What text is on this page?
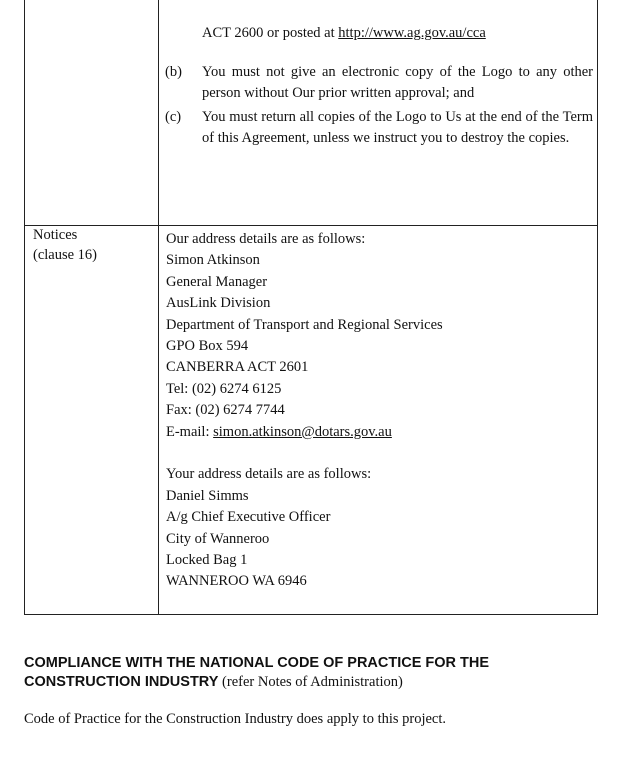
ACT 2600 or posted at http://www.ag.gov.au/cca
(b) You must not give an electronic copy of the Logo to any other person without Our prior written approval; and
(c) You must return all copies of the Logo to Us at the end of the Term of this Agreement, unless we instruct you to destroy the copies.
Notices
(clause 16)
Our address details are as follows:
Simon Atkinson
General Manager
AusLink Division
Department of Transport and Regional Services
GPO Box 594
CANBERRA ACT 2601
Tel: (02) 6274 6125
Fax: (02) 6274 7744
E-mail: simon.atkinson@dotars.gov.au
Your address details are as follows:
Daniel Simms
A/g Chief Executive Officer
City of Wanneroo
Locked Bag 1
WANNEROO WA 6946
COMPLIANCE WITH THE NATIONAL CODE OF PRACTICE FOR THE
CONSTRUCTION INDUSTRY (refer Notes of Administration)
Code of Practice for the Construction Industry does apply to this project.
